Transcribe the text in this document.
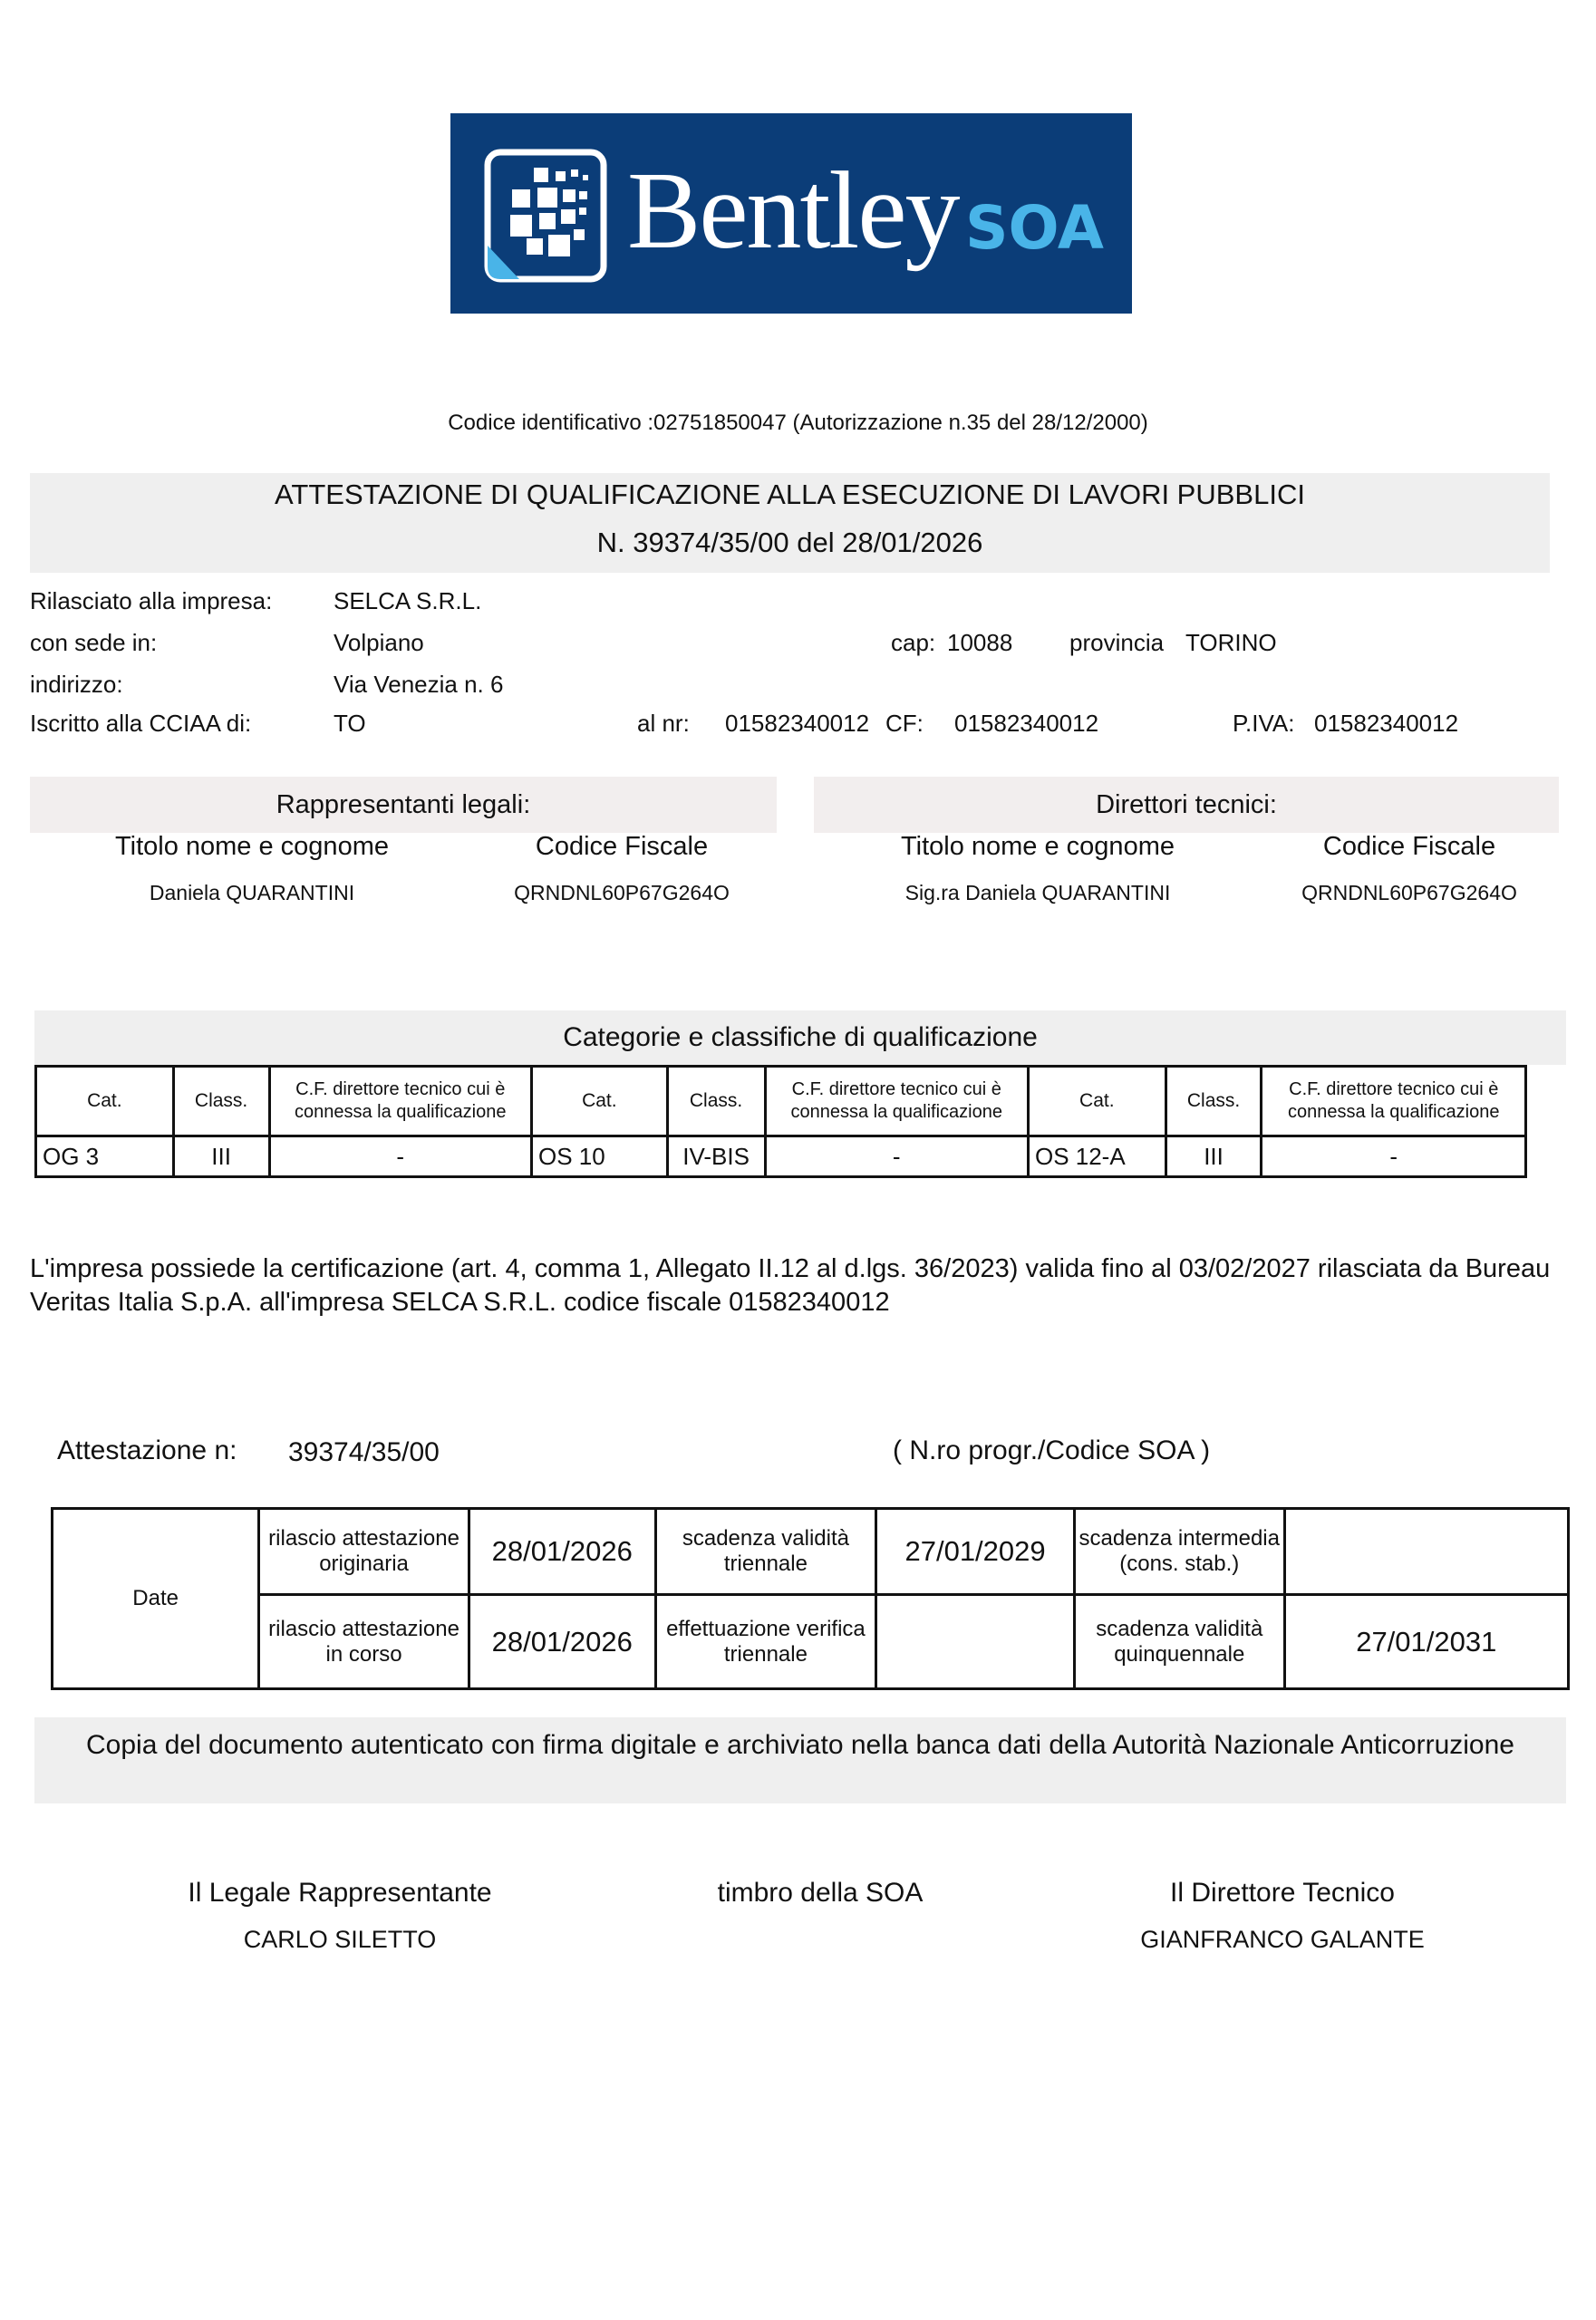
Bentley SOA
Codice identificativo :02751850047 (Autorizzazione n.35 del 28/12/2000)
ATTESTAZIONE DI QUALIFICAZIONE ALLA ESECUZIONE DI LAVORI PUBBLICI
N. 39374/35/00 del 28/01/2026
Rilasciato alla impresa:	SELCA S.R.L.
con sede in:	Volpiano	cap: 10088 provincia TORINO
indirizzo:	Via Venezia n. 6
Iscritto alla CCIAA di:	TO	al nr: 01582340012 CF: 01582340012	P.IVA: 01582340012
Rappresentanti legali:
Titolo nome e cognome	Codice Fiscale
Daniela QUARANTINI	QRNDNL60P67G264O
Direttori tecnici:
Titolo nome e cognome	Codice Fiscale
Sig.ra Daniela QUARANTINI	QRNDNL60P67G264O
Categorie e classifiche di qualificazione
Cat.	Class.	C.F. direttore tecnico cui è connessa la qualificazione	Cat.	Class.	C.F. direttore tecnico cui è connessa la qualificazione	Cat.	Class.	C.F. direttore tecnico cui è connessa la qualificazione
OG 3	III	-	OS 10	IV-BIS	-	OS 12-A	III	-
L'impresa possiede la certificazione (art. 4, comma 1, Allegato II.12 al d.lgs. 36/2023) valida fino al 03/02/2027 rilasciata da Bureau Veritas Italia S.p.A. all'impresa SELCA S.R.L. codice fiscale 01582340012
Attestazione n: 39374/35/00	( N.ro progr./Codice SOA )
Date	rilascio attestazione originaria	28/01/2026	scadenza validità triennale	27/01/2029	scadenza intermedia (cons. stab.)	
	rilascio attestazione in corso	28/01/2026	effettuazione verifica triennale		scadenza validità quinquennale	27/01/2031
Copia del documento autenticato con firma digitale e archiviato nella banca dati della Autorità Nazionale Anticorruzione
Il Legale Rappresentante
CARLO SILETTO
timbro della SOA	Il Direttore Tecnico
GIANFRANCO GALANTE
